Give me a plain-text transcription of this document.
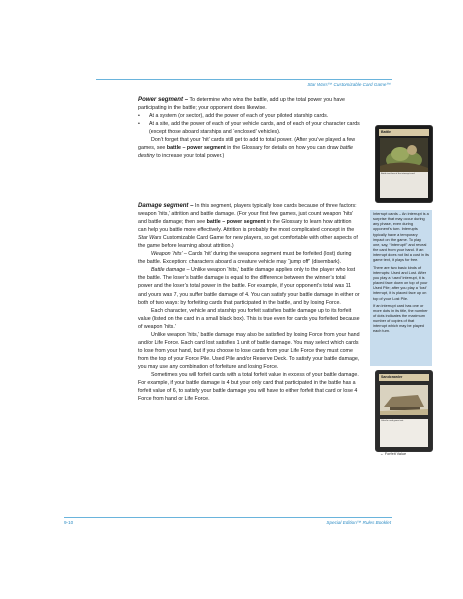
Star Wars™ Customizable Card Game™

Power segment – To determine who wins the battle, add up the total power you have participating in the battle; your opponent does likewise.

• At a system (or sector), add the power of each of your piloted starship cards.

• At a site, add the power of each of your vehicle cards, and of each of your character cards (except those aboard starships and ‘enclosed’ vehicles).

Don’t forget that your ‘hit’ cards still get to add to total power. (After you’ve played a few games, see battle – power segment in the Glossary for details on how you can draw battle destiny to increase your total power.)

Damage segment – In this segment, players typically lose cards because of three factors: weapon ‘hits,’ attrition and battle damage. (For your first few games, just count weapon ‘hits’ and battle damage; then see battle – power segment in the Glossary to learn how attrition can help you battle more effectively. Attrition is probably the most complicated concept in the Star Wars Customizable Card Game for new players, so get comfortable with other aspects of the game before learning about attrition.)

Weapon ‘hits’ – Cards ‘hit’ during the weapons segment must be forfeited (lost) during the battle. Exception: characters aboard a creature vehicle may “jump off” (disembark).

Battle damage – Unlike weapon ‘hits,’ battle damage applies only to the player who lost the battle. The loser’s battle damage is equal to the difference between the winner’s total power and the loser’s total power in the battle. For example, if your opponent’s total was 11 and yours was 7, you suffer battle damage of 4. You can satisfy your battle damage in either or both of two ways: by forfeiting cards that participated in the battle, and by losing Force.

Each character, vehicle and starship you forfeit satisfies battle damage up to its forfeit value (listed on the card in a small black box). This is true even for cards you forfeited because of weapon ‘hits.’

Unlike weapon ‘hits,’ battle damage may also be satisfied by losing Force from your hand and/or Life Force. Each card lost satisfies 1 unit of battle damage. You may select which cards to lose from your hand, but if you choose to lose cards from your Life Force they must come from the top of your Force Pile. Used Pile and/or Reserve Deck. To satisfy your battle damage, you may use any combination of forfeiture and losing Force.

Sometimes you will forfeit cards with a total forfeit value in excess of your battle damage. For example, if your battle damage is 4 but your only card that participated in the battle has a forfeit value of 6, to satisfy your battle damage you will have to either forfeit that card or lose 4 Force from hand or Life Force.

Battle
Battle text box of the interrupt card.

Interrupt cards – An interrupt is a surprise that may occur during any phase, even during opponent’s turn. Interrupts typically have a temporary impact on the game. To play one, say, “Interrupt!” and reveal the card from your hand. If an interrupt does not list a cost in its game text, it plays for free.

There are two basic kinds of interrupts: Used and Lost. After you play a ‘used’ interrupt, it is placed face down on top of your Used Pile; after you play a ‘lost’ interrupt, it is placed face up on top of your Lost Pile.

If an interrupt card has one or more dots in its title, the number of dots indicates the maximum number of copies of that interrupt which may be played each turn.

Sandcrawler
Vehicle card game text.
← Forfeit Value
9-10	Special Edition™ Rules Booklet
